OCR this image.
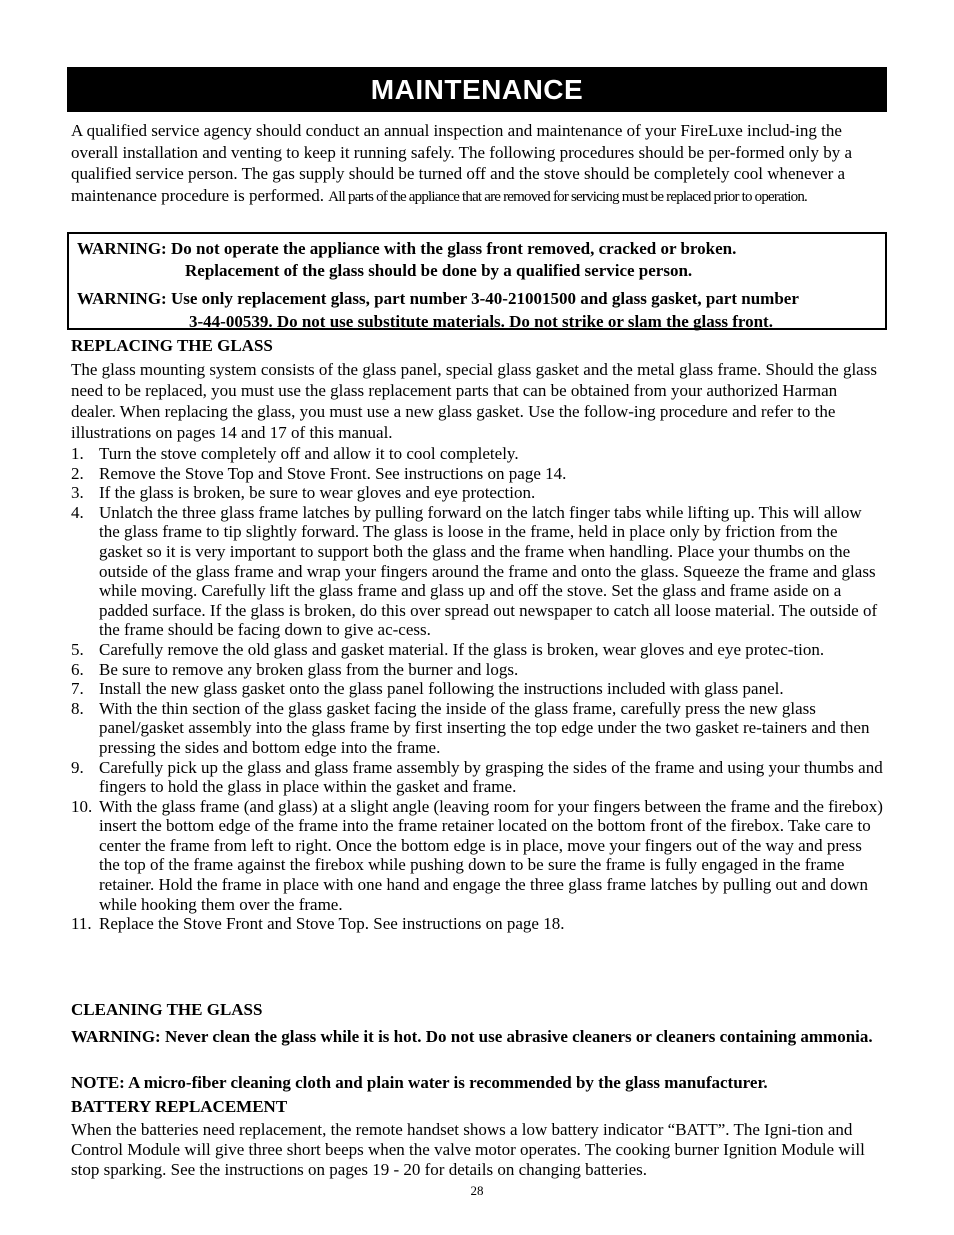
MAINTENANCE
A qualified service agency should conduct an annual inspection and maintenance of your FireLuxe includ-ing the overall installation and venting to keep it running safely. The following procedures should be per-formed only by a qualified service person. The gas supply should be turned off and the stove should be completely cool whenever a maintenance procedure is performed. All parts of the appliance that are removed for servicing must be replaced prior to operation.
WARNING: Do not operate the appliance with the glass front removed, cracked or broken.
Replacement of the glass should be done by a qualified service person.
WARNING: Use only replacement glass, part number 3-40-21001500 and glass gasket, part number
3-44-00539. Do not use substitute materials. Do not strike or slam the glass front.
REPLACING THE GLASS
The glass mounting system consists of the glass panel, special glass gasket and the metal glass frame. Should the glass need to be replaced, you must use the glass replacement parts that can be obtained from your authorized Harman dealer. When replacing the glass, you must use a new glass gasket. Use the follow-ing procedure and refer to the illustrations on pages 14 and 17 of this manual.
1. Turn the stove completely off and allow it to cool completely.
2. Remove the Stove Top and Stove Front. See instructions on page 14.
3. If the glass is broken, be sure to wear gloves and eye protection.
4. Unlatch the three glass frame latches by pulling forward on the latch finger tabs while lifting up. This will allow the glass frame to tip slightly forward. The glass is loose in the frame, held in place only by friction from the gasket so it is very important to support both the glass and the frame when handling. Place your thumbs on the outside of the glass frame and wrap your fingers around the frame and onto the glass. Squeeze the frame and glass while moving. Carefully lift the glass frame and glass up and off the stove. Set the glass and frame aside on a padded surface. If the glass is broken, do this over spread out newspaper to catch all loose material. The outside of the frame should be facing down to give ac-cess.
5. Carefully remove the old glass and gasket material. If the glass is broken, wear gloves and eye protec-tion.
6. Be sure to remove any broken glass from the burner and logs.
7. Install the new glass gasket onto the glass panel following the instructions included with glass panel.
8. With the thin section of the glass gasket facing the inside of the glass frame, carefully press the new glass panel/gasket assembly into the glass frame by first inserting the top edge under the two gasket re-tainers and then pressing the sides and bottom edge into the frame.
9. Carefully pick up the glass and glass frame assembly by grasping the sides of the frame and using your thumbs and fingers to hold the glass in place within the gasket and frame.
10. With the glass frame (and glass) at a slight angle (leaving room for your fingers between the frame and the firebox) insert the bottom edge of the frame into the frame retainer located on the bottom front of the firebox. Take care to center the frame from left to right. Once the bottom edge is in place, move your fingers out of the way and press the top of the frame against the firebox while pushing down to be sure the frame is fully engaged in the frame retainer. Hold the frame in place with one hand and engage the three glass frame latches by pulling out and down while hooking them over the frame.
11. Replace the Stove Front and Stove Top. See instructions on page 18.
CLEANING THE GLASS
WARNING: Never clean the glass while it is hot. Do not use abrasive cleaners or cleaners containing ammonia.
NOTE: A micro-fiber cleaning cloth and plain water is recommended by the glass manufacturer.
BATTERY REPLACEMENT
When the batteries need replacement, the remote handset shows a low battery indicator “BATT”. The Igni-tion and Control Module will give three short beeps when the valve motor operates. The cooking burner Ignition Module will stop sparking. See the instructions on pages 19 - 20 for details on changing batteries.
28
